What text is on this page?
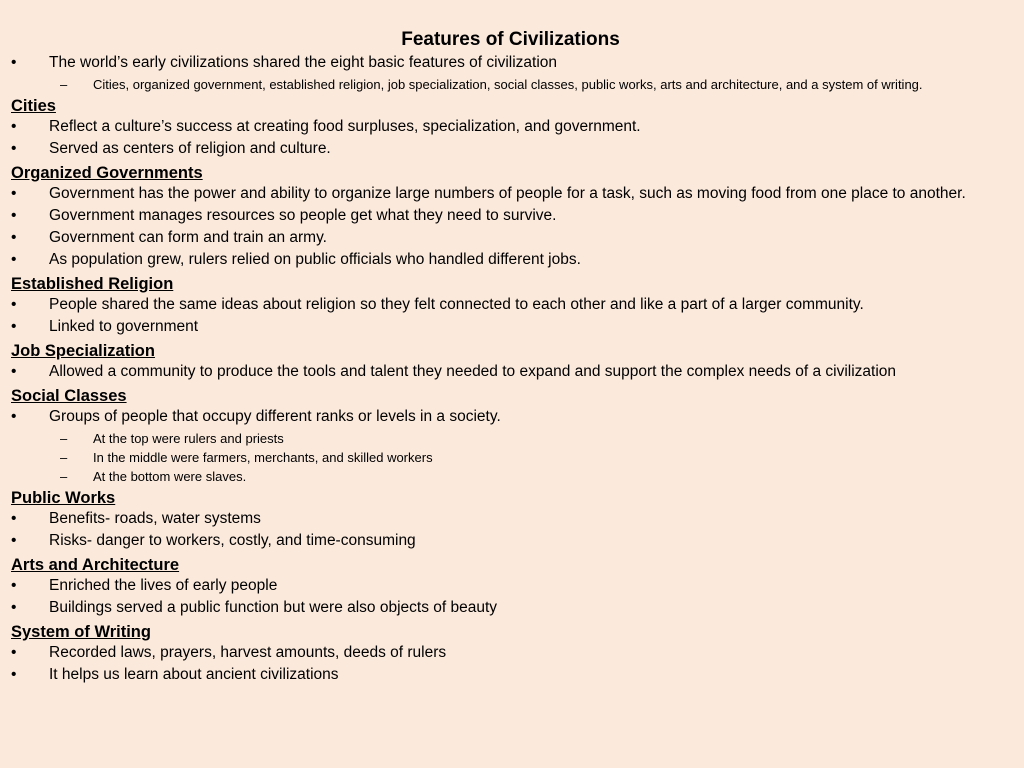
Features of Civilizations
• The world’s early civilizations shared the eight basic features of civilization
– Cities, organized government, established religion, job specialization, social classes, public works, arts and architecture, and a system of writing.
Cities
• Reflect a culture’s success at creating food surpluses, specialization, and government.
• Served as centers of religion and culture.
Organized Governments
• Government has the power and ability to organize large numbers of people for a task, such as moving food from one place to another.
• Government manages resources so people get what they need to survive.
• Government can form and train an army.
• As population grew, rulers relied on public officials who handled different jobs.
Established Religion
• People shared the same ideas about religion so they felt connected to each other and like a part of a larger community.
• Linked to government
Job Specialization
• Allowed a community to produce the tools and talent they needed to expand and support the complex needs of a civilization
Social Classes
• Groups of people that occupy different ranks or levels in a society.
– At the top were rulers and priests
– In the middle were farmers, merchants, and skilled workers
– At the bottom were slaves.
Public Works
• Benefits- roads, water systems
• Risks- danger to workers, costly, and time-consuming
Arts and Architecture
• Enriched the lives of early people
• Buildings served a public function but were also objects of beauty
System of Writing
• Recorded laws, prayers, harvest amounts, deeds of rulers
• It helps us learn about ancient civilizations
